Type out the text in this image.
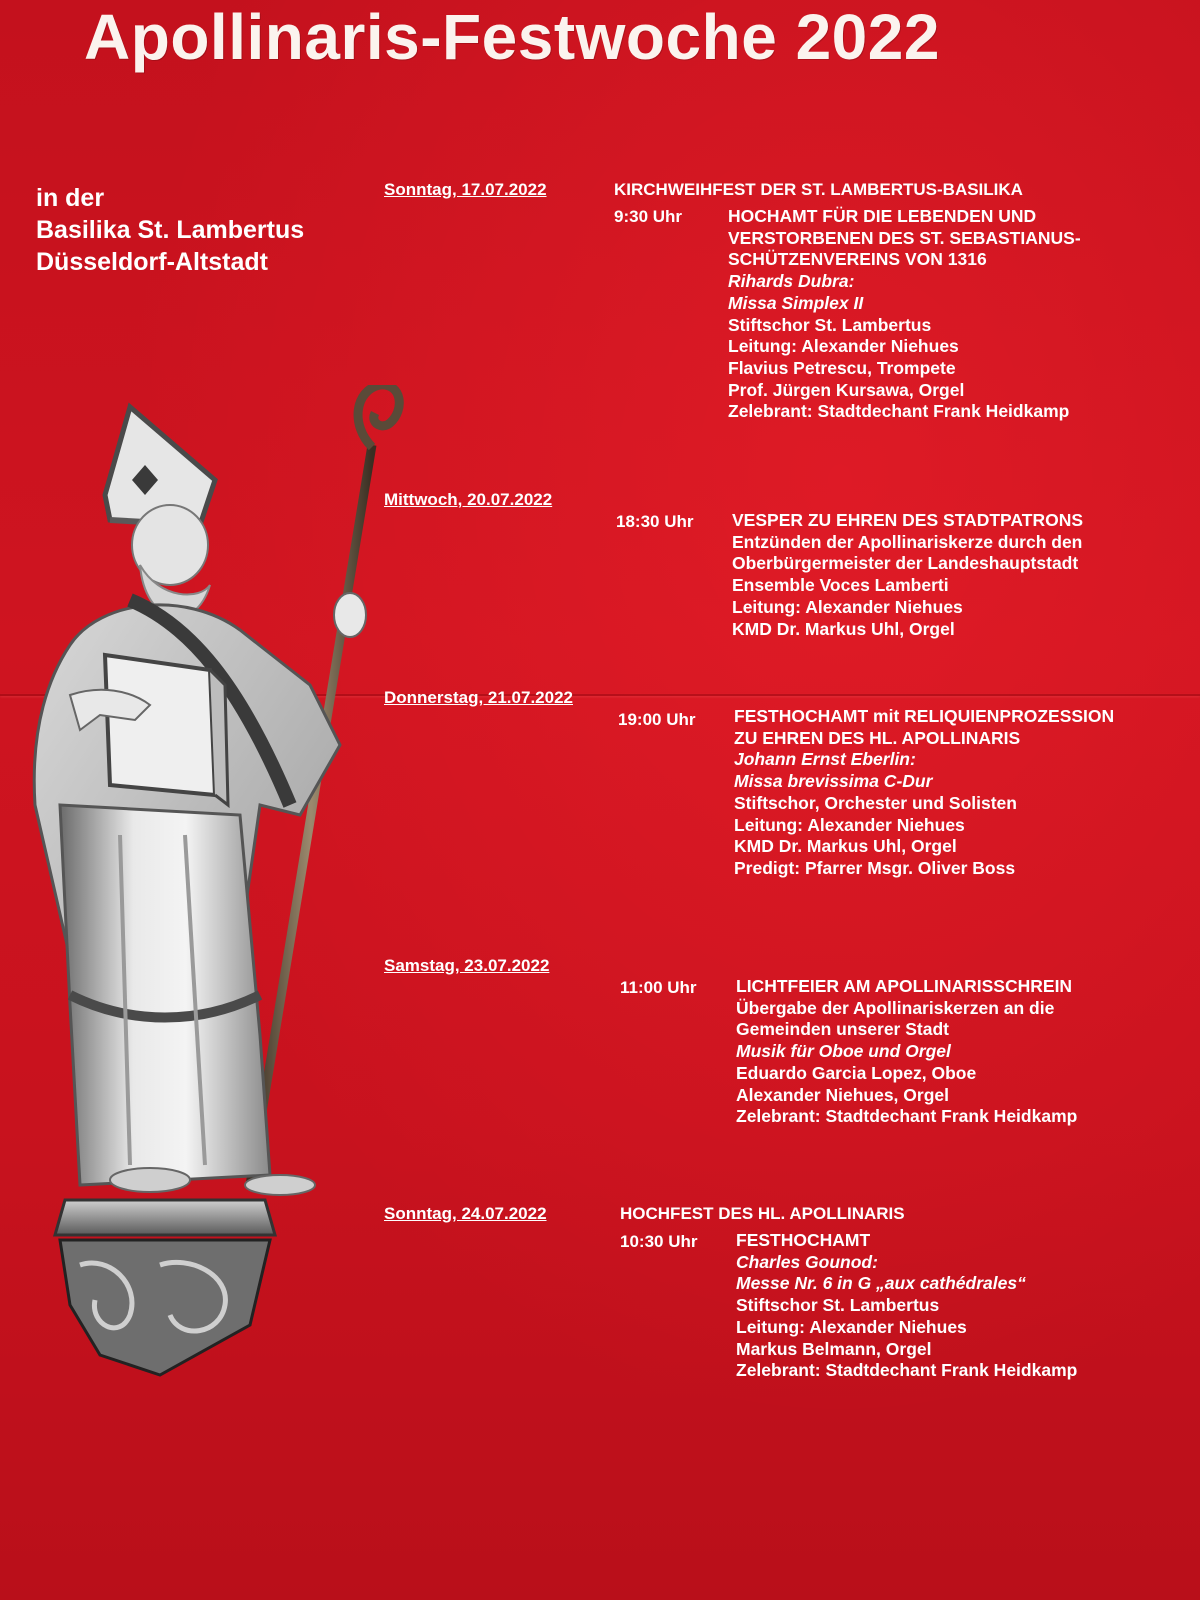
Apollinaris-Festwoche 2022
in der
Basilika St. Lambertus
Düsseldorf-Altstadt
Sonntag, 17.07.2022	KIRCHWEIHFEST DER ST. LAMBERTUS-BASILIKA
9:30 Uhr	HOCHAMT FÜR DIE LEBENDEN UND
VERSTORBENEN DES ST. SEBASTIANUS-
SCHÜTZENVEREINS VON 1316
Rihards Dubra:
Missa Simplex II
Stiftschor St. Lambertus
Leitung: Alexander Niehues
Flavius Petrescu, Trompete
Prof. Jürgen Kursawa, Orgel
Zelebrant: Stadtdechant Frank Heidkamp
Mittwoch, 20.07.2022
18:30 Uhr VESPER ZU EHREN DES STADTPATRONS
Entzünden der Apollinariskerze durch den
Oberbürgermeister der Landeshauptstadt
Ensemble Voces Lamberti
Leitung: Alexander Niehues
KMD Dr. Markus Uhl, Orgel
Donnerstag, 21.07.2022
19:00 Uhr FESTHOCHAMT mit RELIQUIENPROZESSION
ZU EHREN DES HL. APOLLINARIS
Johann Ernst Eberlin:
Missa brevissima C-Dur
Stiftschor, Orchester und Solisten
Leitung: Alexander Niehues
KMD Dr. Markus Uhl, Orgel
Predigt: Pfarrer Msgr. Oliver Boss
Samstag, 23.07.2022
11:00 Uhr LICHTFEIER AM APOLLINARISSCHREIN
Übergabe der Apollinariskerzen an die
Gemeinden unserer Stadt
Musik für Oboe und Orgel
Eduardo Garcia Lopez, Oboe
Alexander Niehues, Orgel
Zelebrant: Stadtdechant Frank Heidkamp
Sonntag, 24.07.2022	HOCHFEST DES HL. APOLLINARIS
10:30 Uhr FESTHOCHAMT
Charles Gounod:
Messe Nr. 6 in G „aux cathédrales“
Stiftschor St. Lambertus
Leitung: Alexander Niehues
Markus Belmann, Orgel
Zelebrant: Stadtdechant Frank Heidkamp
